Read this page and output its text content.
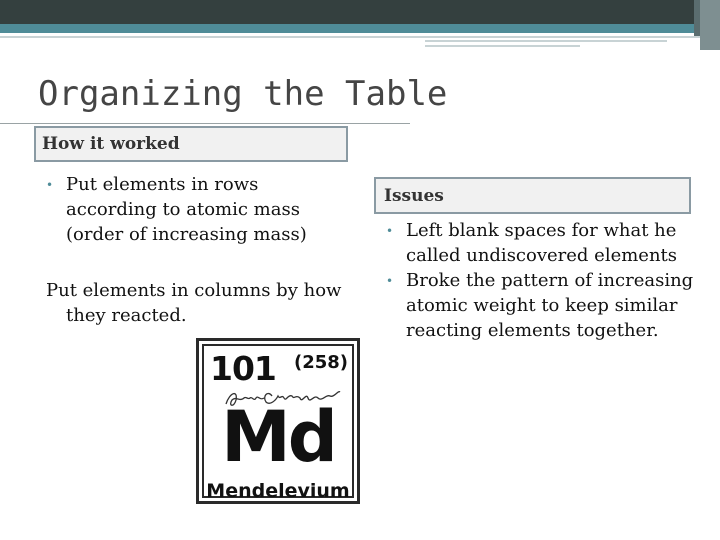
Organizing the Table
How it worked
• Put elements in rows according to atomic mass (order of increasing mass)
Put elements in columns by how they reacted.
Issues
• Left blank spaces for what he called undiscovered elements
• Broke the pattern of increasing atomic weight to keep similar reacting elements together.
101 (258)
Md
Mendelevium
